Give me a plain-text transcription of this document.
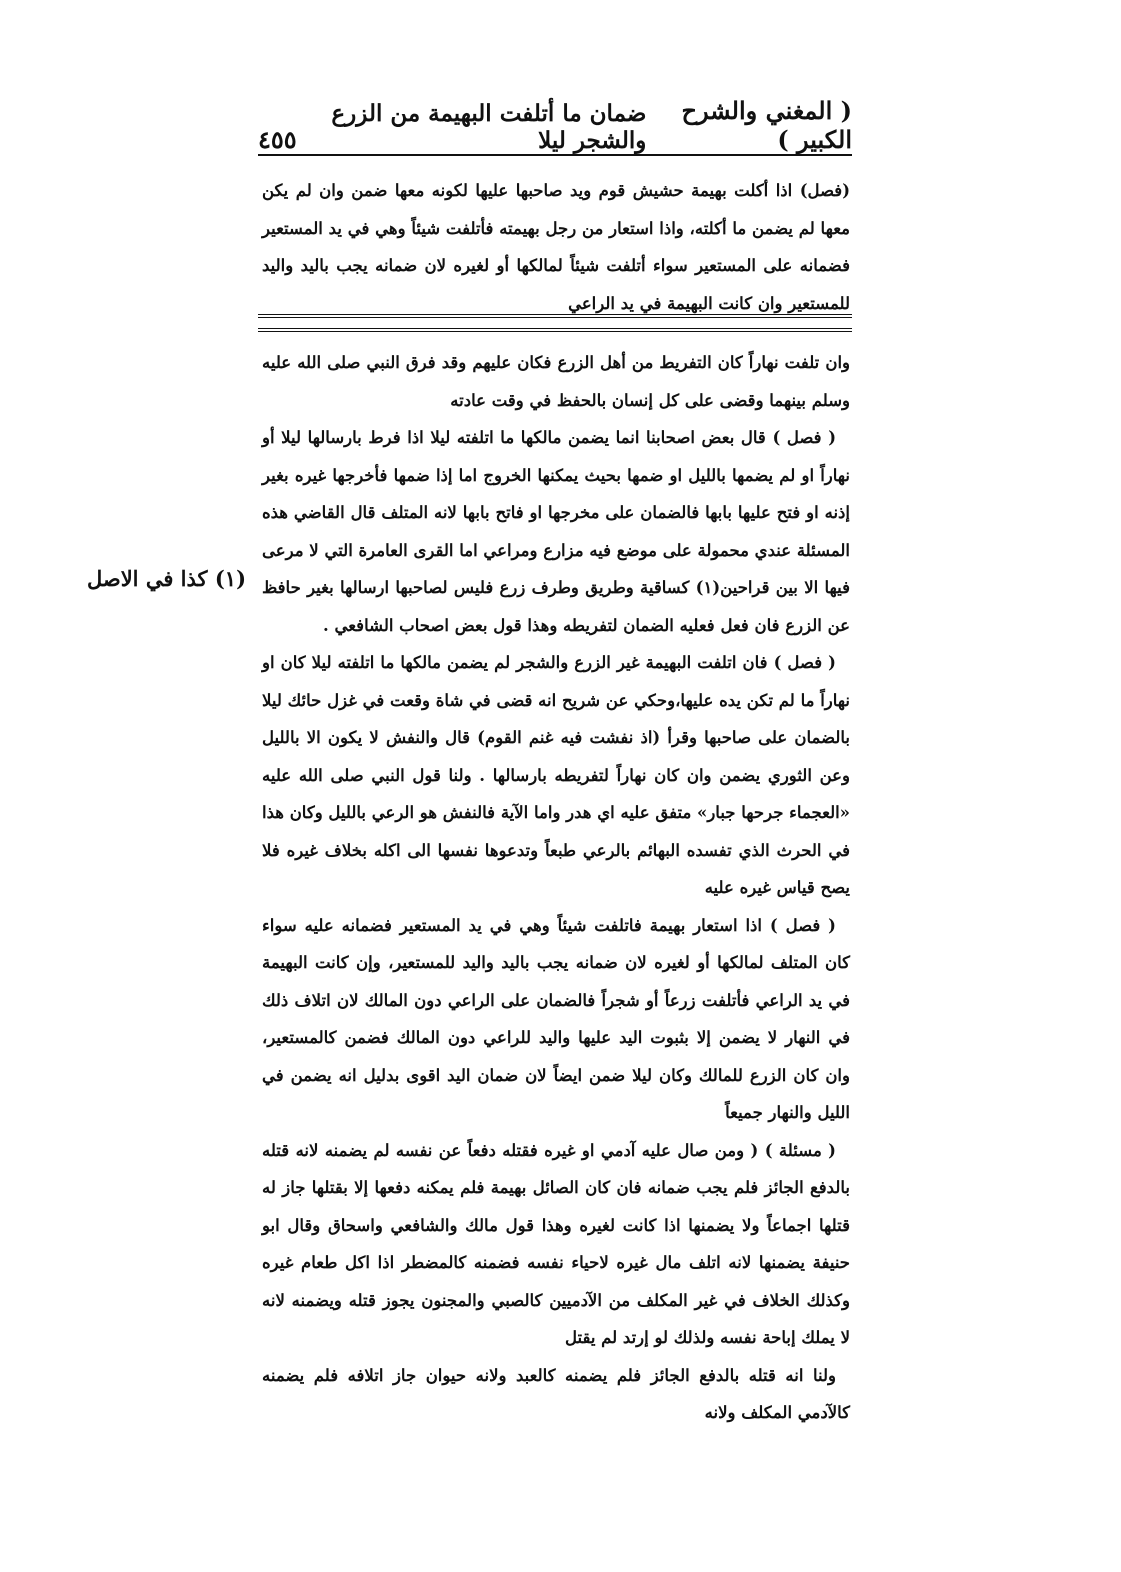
( المغني والشرح الكبير )
ضمان ما أتلفت البهيمة من الزرع والشجر ليلا
٤٥٥

(فصل) اذا أكلت بهيمة حشيش قوم ويد صاحبها عليها لكونه معها ضمن وان لم يكن معها لم يضمن ما أكلته، واذا استعار من رجل بهيمته فأتلفت شيئاً وهي في يد المستعير فضمانه على المستعير سواء أتلفت شيئاً لمالكها أو لغيره لان ضمانه يجب باليد واليد للمستعير وان كانت البهيمة في يد الراعي

وان تلفت نهاراً كان التفريط من أهل الزرع فكان عليهم وقد فرق النبي صلى الله عليه وسلم بينهما وقضى على كل إنسان بالحفظ في وقت عادته

( فصل ) قال بعض اصحابنا انما يضمن مالكها ما اتلفته ليلا اذا فرط بارسالها ليلا أو نهاراً او لم يضمها بالليل او ضمها بحيث يمكنها الخروج اما إذا ضمها فأخرجها غيره بغير إذنه او فتح عليها بابها فالضمان على مخرجها او فاتح بابها لانه المتلف قال القاضي هذه المسئلة عندي محمولة على موضع فيه مزارع ومراعي اما القرى العامرة التي لا مرعى فيها الا بين قراحين(١) كساقية وطريق وطرف زرع فليس لصاحبها ارسالها بغير حافظ عن الزرع فان فعل فعليه الضمان لتفريطه وهذا قول بعض اصحاب الشافعي .

( فصل ) فان اتلفت البهيمة غير الزرع والشجر لم يضمن مالكها ما اتلفته ليلا كان او نهاراً ما لم تكن يده عليها،وحكي عن شريح انه قضى في شاة وقعت في غزل حائك ليلا بالضمان على صاحبها وقرأ (اذ نفشت فيه غنم القوم) قال والنفش لا يكون الا بالليل وعن الثوري يضمن وان كان نهاراً لتفريطه بارسالها . ولنا قول النبي صلى الله عليه «العجماء جرحها جبار» متفق عليه اي هدر واما الآية فالنفش هو الرعي بالليل وكان هذا في الحرث الذي تفسده البهائم بالرعي طبعاً وتدعوها نفسها الى اكله بخلاف غيره فلا يصح قياس غيره عليه

( فصل ) اذا استعار بهيمة فاتلفت شيئاً وهي في يد المستعير فضمانه عليه سواء كان المتلف لمالكها أو لغيره لان ضمانه يجب باليد واليد للمستعير، وإن كانت البهيمة في يد الراعي فأتلفت زرعاً أو شجراً فالضمان على الراعي دون المالك لان اتلاف ذلك في النهار لا يضمن إلا بثبوت اليد عليها واليد للراعي دون المالك فضمن كالمستعير، وان كان الزرع للمالك وكان ليلا ضمن ايضاً لان ضمان اليد اقوى بدليل انه يضمن في الليل والنهار جميعاً

( مسئلة ) ( ومن صال عليه آدمي او غيره فقتله دفعاً عن نفسه لم يضمنه لانه قتله بالدفع الجائز فلم يجب ضمانه فان كان الصائل بهيمة فلم يمكنه دفعها إلا بقتلها جاز له قتلها اجماعاً ولا يضمنها اذا كانت لغيره وهذا قول مالك والشافعي واسحاق وقال ابو حنيفة يضمنها لانه اتلف مال غيره لاحياء نفسه فضمنه كالمضطر اذا اكل طعام غيره وكذلك الخلاف في غير المكلف من الآدميين كالصبي والمجنون يجوز قتله ويضمنه لانه لا يملك إباحة نفسه ولذلك لو إرتد لم يقتل

ولنا انه قتله بالدفع الجائز فلم يضمنه كالعبد ولانه حيوان جاز اتلافه فلم يضمنه كالآدمي المكلف ولانه

(١) كذا في الاصل
